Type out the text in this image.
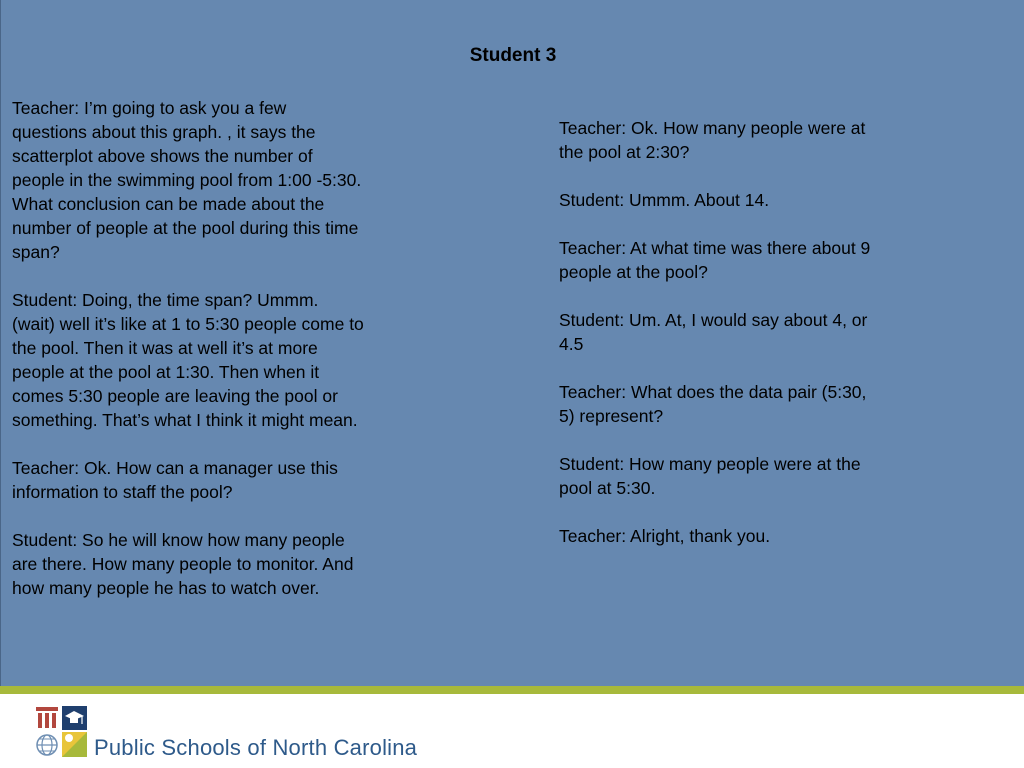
Student 3

Teacher: I’m going to ask you a few questions about this graph. , it says the scatterplot above shows the number of people in the swimming pool from 1:00 -5:30. What conclusion can be made about the number of people at the pool during this time span?

Student: Doing, the time span? Ummm. (wait) well it’s like at 1 to 5:30 people come to the pool. Then it was at well it’s at more people at the pool at 1:30. Then when it comes 5:30 people are leaving the pool or something. That’s what I think it might mean.

Teacher: Ok. How can a manager use this information to staff the pool?

Student: So he will know how many people are there. How many people to monitor. And how many people he has to watch over.

Teacher: Ok. How many people were at the pool at 2:30?

Student: Ummm. About 14.

Teacher: At what time was there about 9 people at the pool?

Student: Um. At, I would say about 4, or 4.5

Teacher: What does the data pair (5:30, 5) represent?

Student: How many people were at the pool at 5:30.

Teacher: Alright, thank you.

Public Schools of North Carolina
